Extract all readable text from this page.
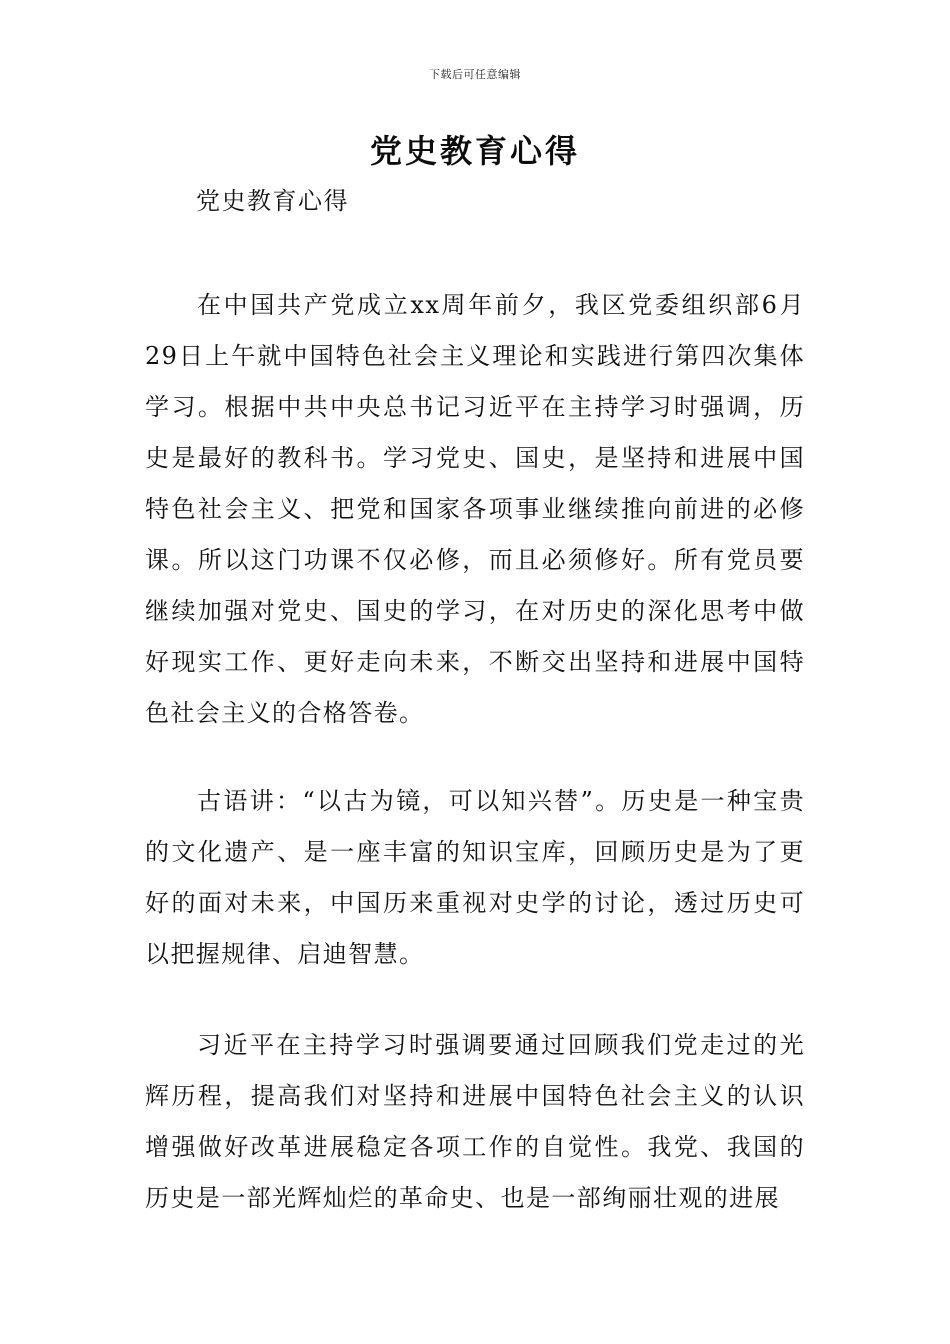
下载后可任意编辑
党史教育心得
党史教育心得

在中国共产党成立xx周年前夕，我区党委组织部6月29日上午就中国特色社会主义理论和实践进行第四次集体学习。根据中共中央总书记习近平在主持学习时强调，历史是最好的教科书。学习党史、国史，是坚持和进展中国特色社会主义、把党和国家各项事业继续推向前进的必修课。所以这门功课不仅必修，而且必须修好。所有党员要继续加强对党史、国史的学习，在对历史的深化思考中做好现实工作、更好走向未来，不断交出坚持和进展中国特色社会主义的合格答卷。

古语讲：“以古为镜，可以知兴替”。历史是一种宝贵的文化遗产、是一座丰富的知识宝库，回顾历史是为了更好的面对未来，中国历来重视对史学的讨论，透过历史可以把握规律、启迪智慧。

习近平在主持学习时强调要通过回顾我们党走过的光辉历程，提高我们对坚持和进展中国特色社会主义的认识增强做好改革进展稳定各项工作的自觉性。我党、我国的历史是一部光辉灿烂的革命史、也是一部绚丽壮观的进展
